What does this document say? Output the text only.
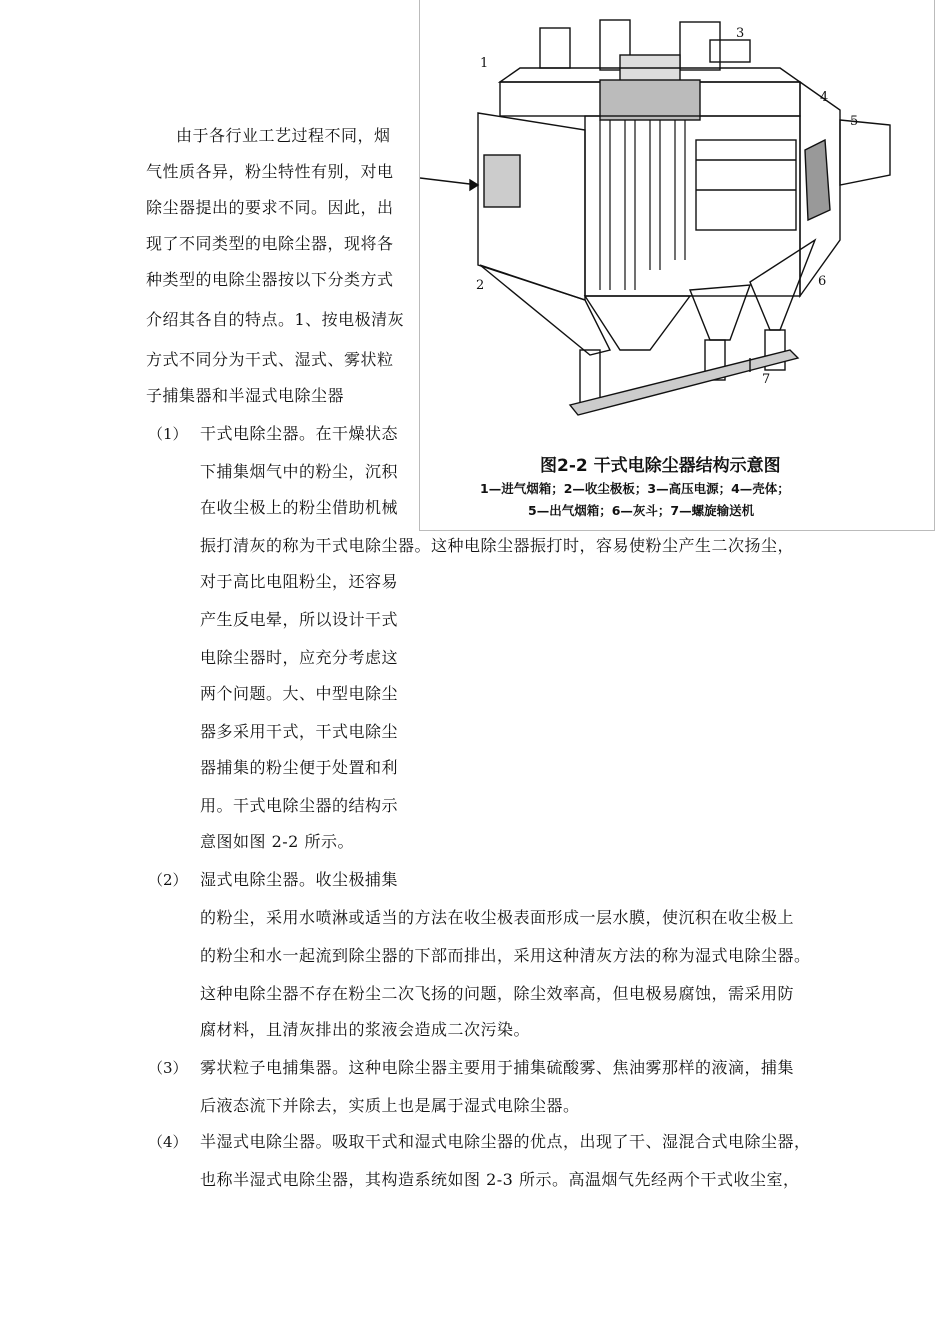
由于各行业工艺过程不同，烟
气性质各异，粉尘特性有别，对电
除尘器提出的要求不同。因此，出
现了不同类型的电除尘器，现将各
种类型的电除尘器按以下分类方式
介绍其各自的特点。1、按电极清灰
方式不同分为干式、湿式、雾状粒
子捕集器和半湿式电除尘器
（1） 干式电除尘器。在干燥状态
下捕集烟气中的粉尘，沉积
在收尘极上的粉尘借助机械
振打清灰的称为干式电除尘器。这种电除尘器振打时，容易使粉尘产生二次扬尘，
对于高比电阻粉尘，还容易
产生反电晕，所以设计干式
电除尘器时，应充分考虑这
两个问题。大、中型电除尘
器多采用干式，干式电除尘
器捕集的粉尘便于处置和利
用。干式电除尘器的结构示
意图如图 2-2 所示。
（2） 湿式电除尘器。收尘极捕集
的粉尘，采用水喷淋或适当的方法在收尘极表面形成一层水膜，使沉积在收尘极上
的粉尘和水一起流到除尘器的下部而排出，采用这种清灰方法的称为湿式电除尘器。
这种电除尘器不存在粉尘二次飞扬的问题，除尘效率高，但电极易腐蚀，需采用防
腐材料，且清灰排出的浆液会造成二次污染。
（3） 雾状粒子电捕集器。这种电除尘器主要用于捕集硫酸雾、焦油雾那样的液滴，捕集
后液态流下并除去，实质上也是属于湿式电除尘器。
（4） 半湿式电除尘器。吸取干式和湿式电除尘器的优点，出现了干、湿混合式电除尘器，
也称半湿式电除尘器，其构造系统如图 2-3 所示。高温烟气先经两个干式收尘室，
1
2
3
4
5
6
7
图2-2 干式电除尘器结构示意图
1—进气烟箱；2—收尘极板；3—高压电源；4—壳体；
5—出气烟箱；6—灰斗；7—螺旋输送机
